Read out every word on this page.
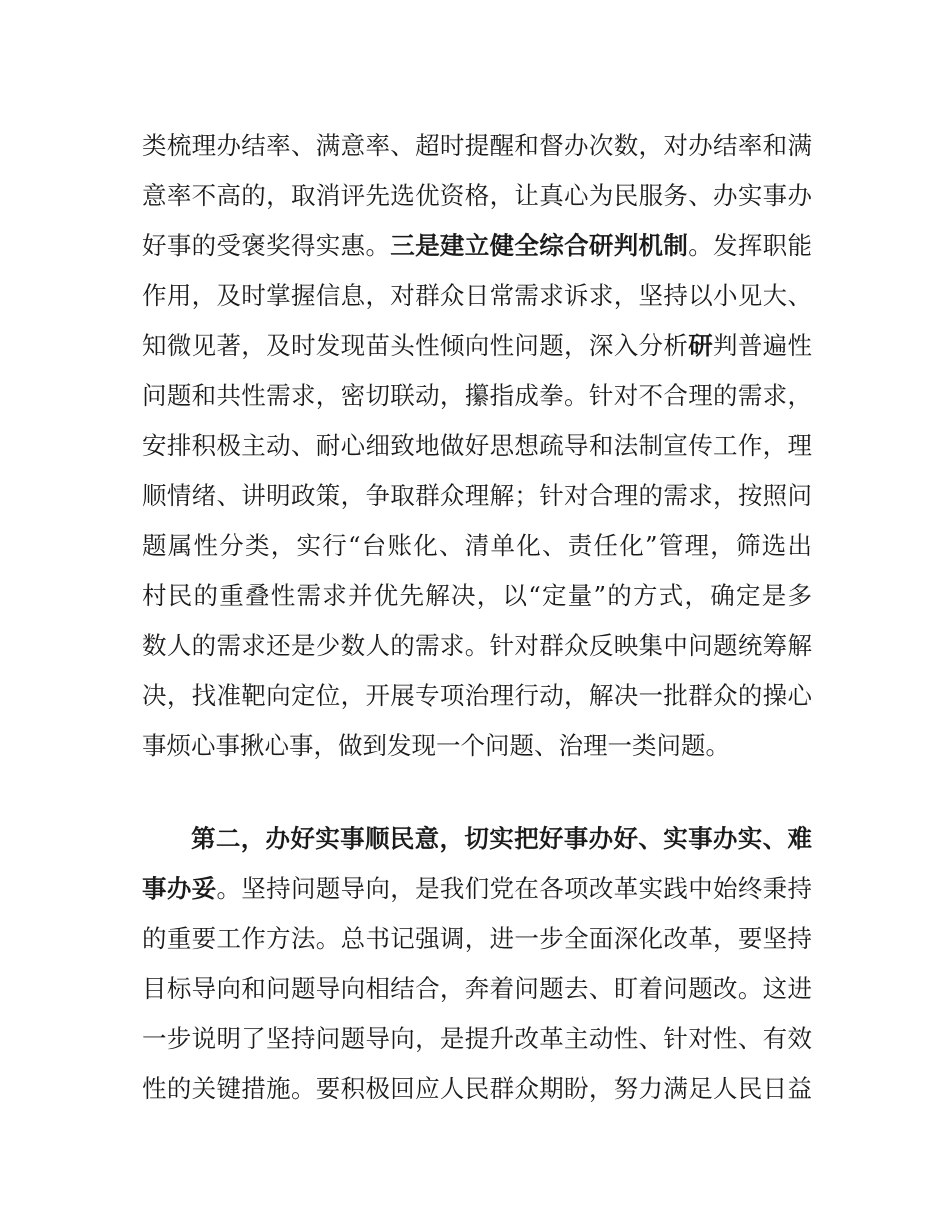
类梳理办结率、满意率、超时提醒和督办次数，对办结率和满
意率不高的，取消评先选优资格，让真心为民服务、办实事办
好事的受褒奖得实惠。三是建立健全综合研判机制。发挥职能
作用，及时掌握信息，对群众日常需求诉求，坚持以小见大、
知微见著，及时发现苗头性倾向性问题，深入分析研判普遍性
问题和共性需求，密切联动，攥指成拳。针对不合理的需求，
安排积极主动、耐心细致地做好思想疏导和法制宣传工作，理
顺情绪、讲明政策，争取群众理解；针对合理的需求，按照问
题属性分类，实行“台账化、清单化、责任化”管理，筛选出
村民的重叠性需求并优先解决，以“定量”的方式，确定是多
数人的需求还是少数人的需求。针对群众反映集中问题统筹解
决，找准靶向定位，开展专项治理行动，解决一批群众的操心
事烦心事揪心事，做到发现一个问题、治理一类问题。
第二，办好实事顺民意，切实把好事办好、实事办实、难
事办妥。坚持问题导向，是我们党在各项改革实践中始终秉持
的重要工作方法。总书记强调，进一步全面深化改革，要坚持
目标导向和问题导向相结合，奔着问题去、盯着问题改。这进
一步说明了坚持问题导向，是提升改革主动性、针对性、有效
性的关键措施。要积极回应人民群众期盼，努力满足人民日益
